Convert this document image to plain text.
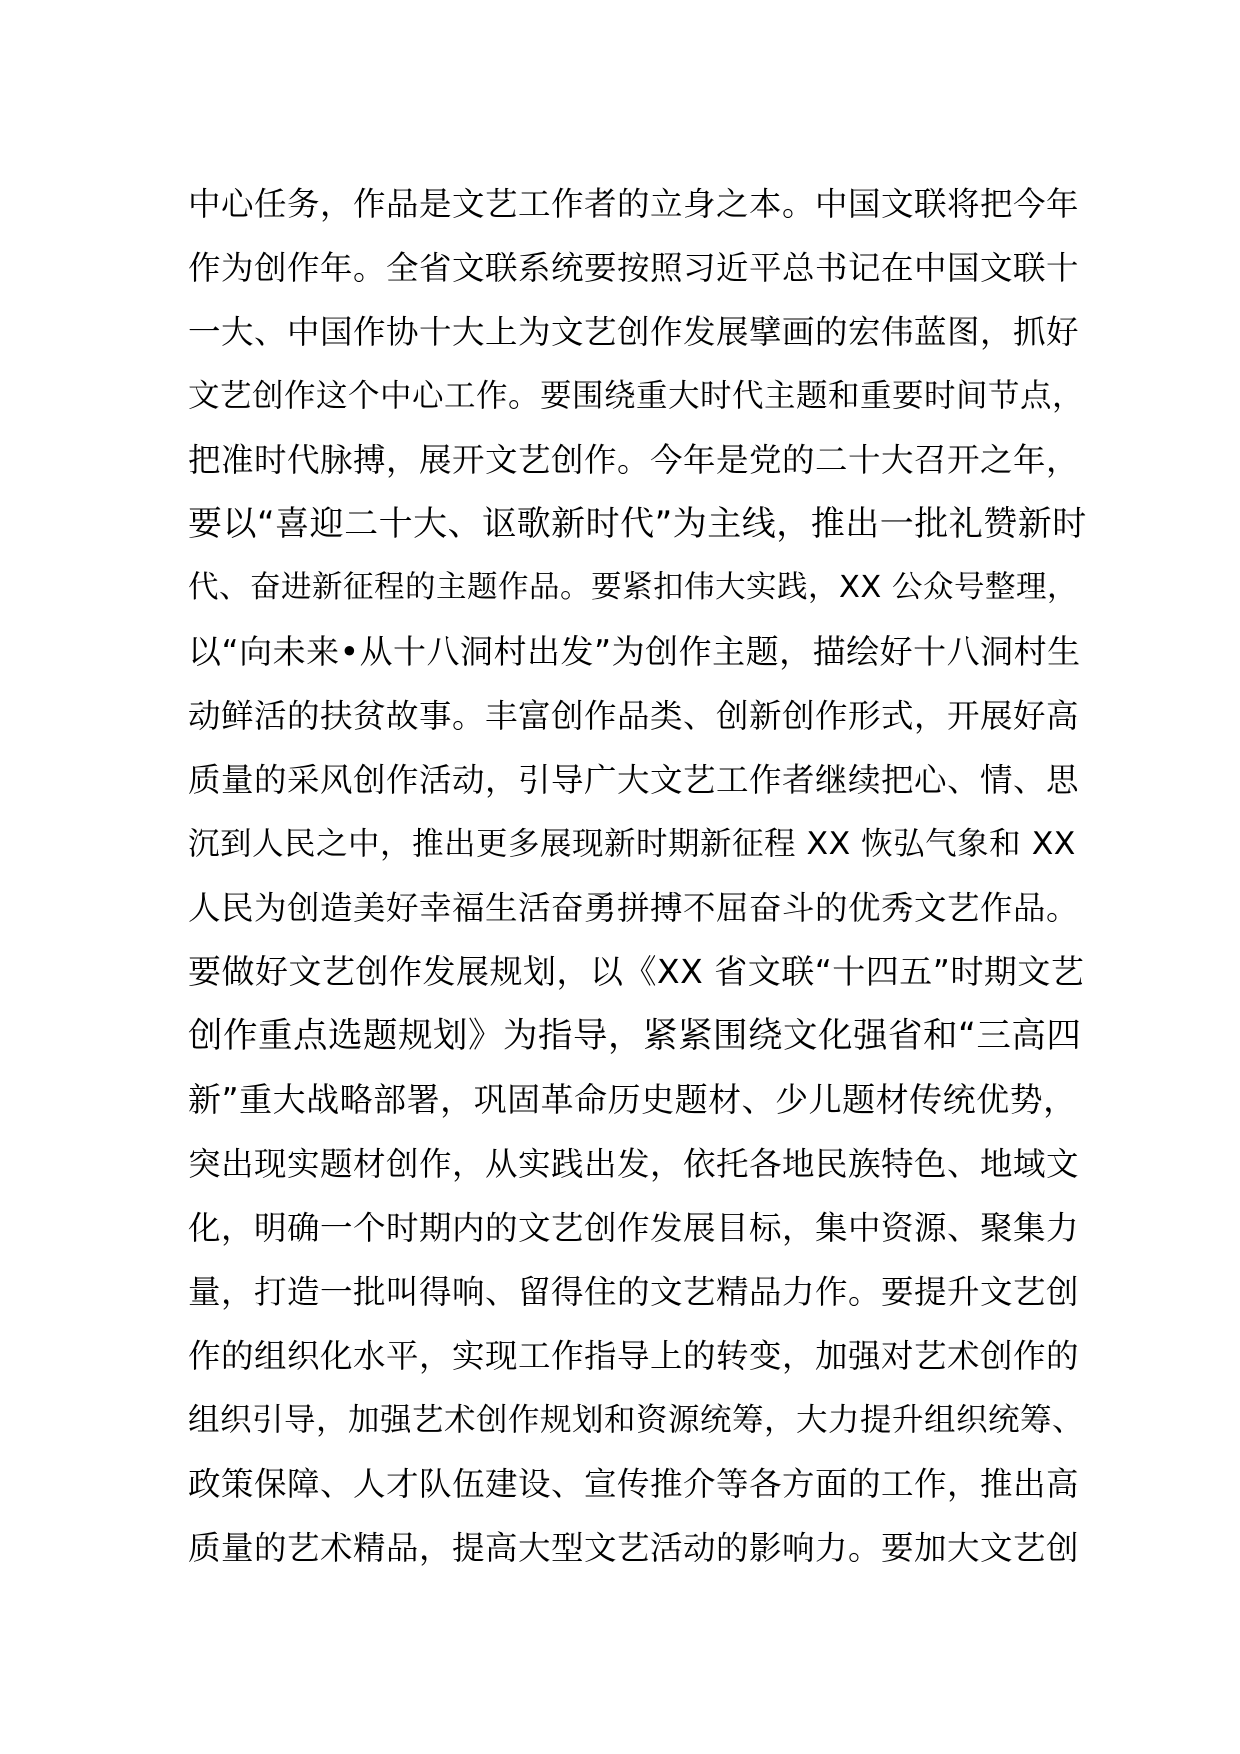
中心任务，作品是文艺工作者的立身之本。中国文联将把今年
作为创作年。全省文联系统要按照习近平总书记在中国文联十
一大、中国作协十大上为文艺创作发展擘画的宏伟蓝图，抓好
文艺创作这个中心工作。要围绕重大时代主题和重要时间节点，
把准时代脉搏，展开文艺创作。今年是党的二十大召开之年，
要以“喜迎二十大、讴歌新时代”为主线，推出一批礼赞新时
代、奋进新征程的主题作品。要紧扣伟大实践，XX 公众号整理，
以“向未来•从十八洞村出发”为创作主题，描绘好十八洞村生
动鲜活的扶贫故事。丰富创作品类、创新创作形式，开展好高
质量的采风创作活动，引导广大文艺工作者继续把心、情、思
沉到人民之中，推出更多展现新时期新征程 XX 恢弘气象和 XX
人民为创造美好幸福生活奋勇拼搏不屈奋斗的优秀文艺作品。
要做好文艺创作发展规划，以《XX 省文联“十四五”时期文艺
创作重点选题规划》为指导，紧紧围绕文化强省和“三高四
新”重大战略部署，巩固革命历史题材、少儿题材传统优势，
突出现实题材创作，从实践出发，依托各地民族特色、地域文
化，明确一个时期内的文艺创作发展目标，集中资源、聚集力
量，打造一批叫得响、留得住的文艺精品力作。要提升文艺创
作的组织化水平，实现工作指导上的转变，加强对艺术创作的
组织引导，加强艺术创作规划和资源统筹，大力提升组织统筹、
政策保障、人才队伍建设、宣传推介等各方面的工作，推出高
质量的艺术精品，提高大型文艺活动的影响力。要加大文艺创
